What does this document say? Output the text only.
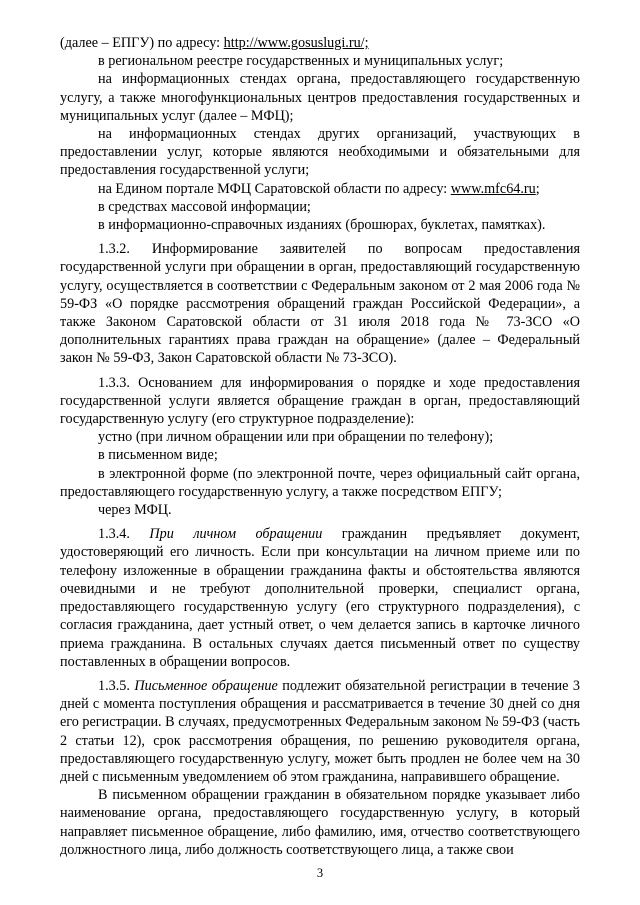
(далее – ЕПГУ) по адресу: http://www.gosuslugi.ru/;

в региональном реестре государственных и муниципальных услуг;

на информационных стендах органа, предоставляющего государственную услугу, а также многофункциональных центров предоставления государственных и муниципальных услуг (далее – МФЦ);

на информационных стендах других организаций, участвующих в предоставлении услуг, которые являются необходимыми и обязательными для предоставления государственной услуги;

на Едином портале МФЦ Саратовской области по адресу: www.mfc64.ru;

в средствах массовой информации;

в информационно-справочных изданиях (брошюрах, буклетах, памятках).

1.3.2. Информирование заявителей по вопросам предоставления государственной услуги при обращении в орган, предоставляющий государственную услугу, осуществляется в соответствии с Федеральным законом от 2 мая 2006 года № 59-ФЗ «О порядке рассмотрения обращений граждан Российской Федерации», а также Законом Саратовской области от 31 июля 2018 года № 73-ЗСО «О дополнительных гарантиях права граждан на обращение» (далее – Федеральный закон № 59-ФЗ, Закон Саратовской области № 73-ЗСО).

1.3.3. Основанием для информирования о порядке и ходе предоставления государственной услуги является обращение граждан в орган, предоставляющий государственную услугу (его структурное подразделение):

устно (при личном обращении или при обращении по телефону);

в письменном виде;

в электронной форме (по электронной почте, через официальный сайт органа, предоставляющего государственную услугу, а также посредством ЕПГУ;

через МФЦ.

1.3.4. При личном обращении гражданин предъявляет документ, удостоверяющий его личность. Если при консультации на личном приеме или по телефону изложенные в обращении гражданина факты и обстоятельства являются очевидными и не требуют дополнительной проверки, специалист органа, предоставляющего государственную услугу (его структурного подразделения), с согласия гражданина, дает устный ответ, о чем делается запись в карточке личного приема гражданина. В остальных случаях дается письменный ответ по существу поставленных в обращении вопросов.

1.3.5. Письменное обращение подлежит обязательной регистрации в течение 3 дней с момента поступления обращения и рассматривается в течение 30 дней со дня его регистрации. В случаях, предусмотренных Федеральным законом № 59-ФЗ (часть 2 статьи 12), срок рассмотрения обращения, по решению руководителя органа, предоставляющего государственную услугу, может быть продлен не более чем на 30 дней с письменным уведомлением об этом гражданина, направившего обращение.

В письменном обращении гражданин в обязательном порядке указывает либо наименование органа, предоставляющего государственную услугу, в который направляет письменное обращение, либо фамилию, имя, отчество соответствующего должностного лица, либо должность соответствующего лица, а также свои

3
